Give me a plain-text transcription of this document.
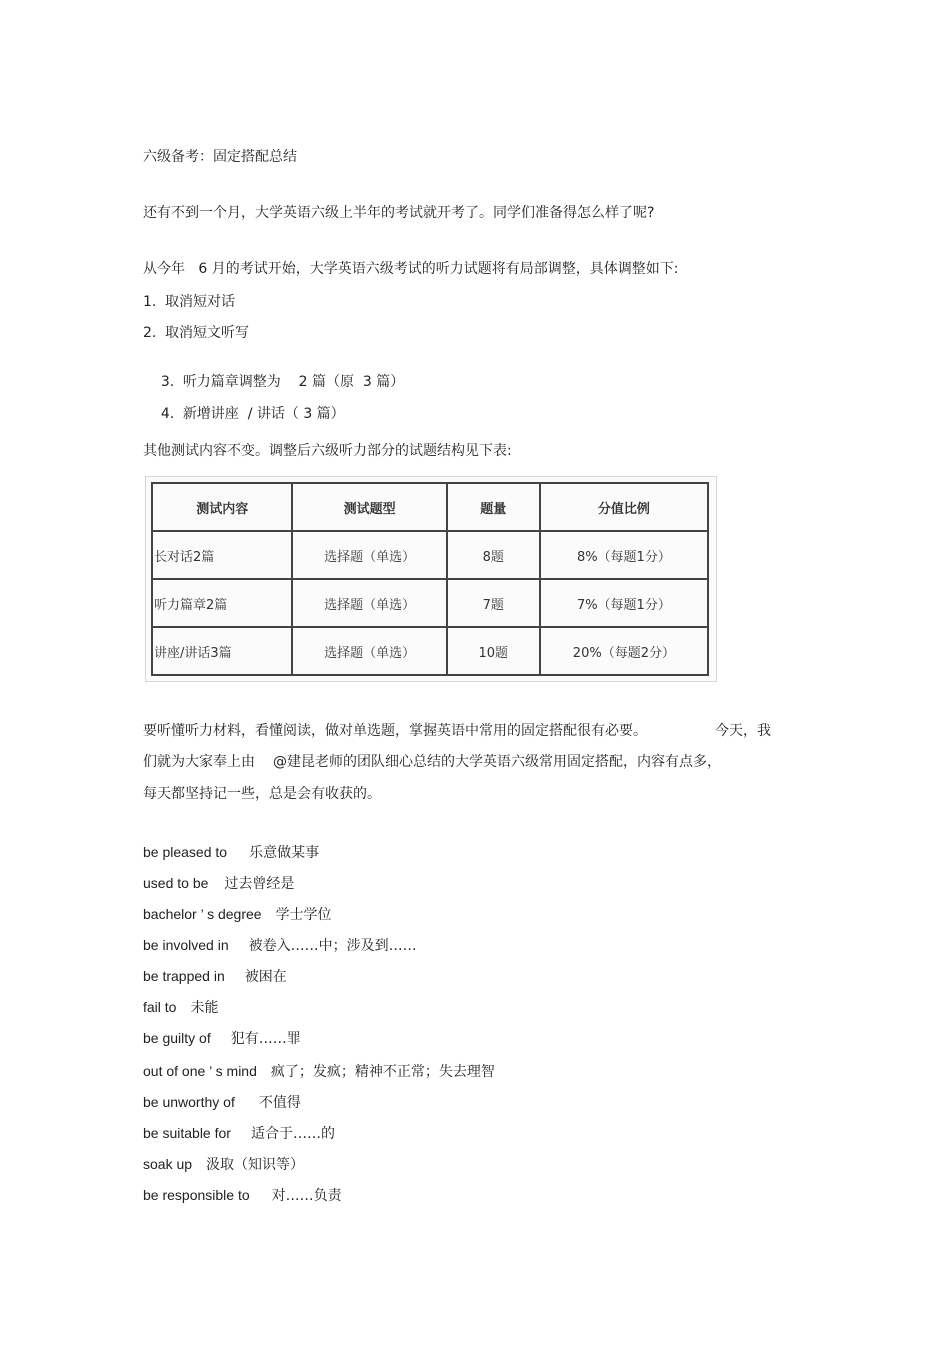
六级备考：固定搭配总结
还有不到一个月，大学英语六级上半年的考试就开考了。同学们准备得怎么样了呢?
从今年   6 月的考试开始，大学英语六级考试的听力试题将有局部调整，具体调整如下:
1. 取消短对话
2. 取消短文听写

3. 听力篇章调整为    2 篇（原  3 篇）

4. 新增讲座  / 讲话（ 3 篇）

其他测试内容不变。调整后六级听力部分的试题结构见下表:
测试内容	测试题型	题量	分值比例
长对话2篇	选择题（单选）	8题	8%（每题1分）
听力篇章2篇	选择题（单选）	7题	7%（每题1分）
讲座/讲话3篇	选择题（单选）	10题	20%（每题2分）
要听懂听力材料，看懂阅读，做对单选题，掌握英语中常用的固定搭配很有必要。	今天，我
们就为大家奉上由 @建昆老师的团队细心总结的大学英语六级常用固定搭配，内容有点多，
每天都坚持记一些，总是会有收获的。
be pleased to 乐意做某事
used to be 过去曾经是
bachelor ’ s degree 学士学位
be involved in 被卷入……中；涉及到……
be trapped in 被困在
fail to 未能
be guilty of 犯有……罪
out of one ’ s mind 疯了；发疯；精神不正常；失去理智
be unworthy of 不值得
be suitable for 适合于……的
soak up 汲取（知识等）
be responsible to 对……负责
